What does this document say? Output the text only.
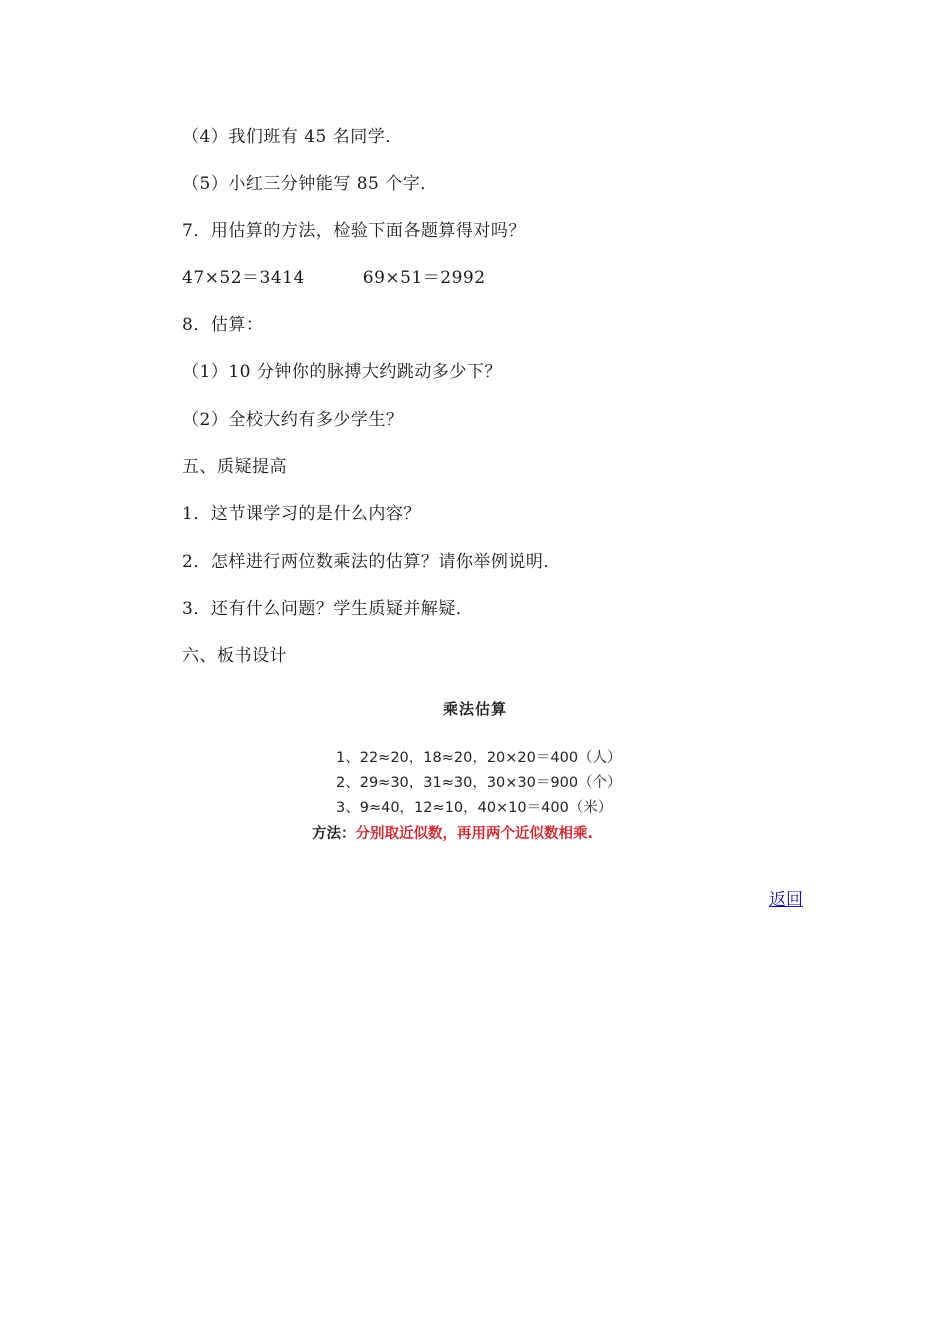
（4）我们班有 45 名同学．
（5）小红三分钟能写 85 个字．
7．用估算的方法，检验下面各题算得对吗？
47×52＝3414	69×51＝2992
8．估算：
（1）10 分钟你的脉搏大约跳动多少下？
（2）全校大约有多少学生？
五、质疑提高
1．这节课学习的是什么内容？
2．怎样进行两位数乘法的估算？请你举例说明．
3．还有什么问题？学生质疑并解疑．
六、板书设计
乘法估算
1、22≈20，18≈20，20×20＝400（人）
2、29≈30，31≈30，30×30＝900（个）
3、9≈40，12≈10，40×10＝400（米）
方法：分别取近似数，再用两个近似数相乘.
返回
